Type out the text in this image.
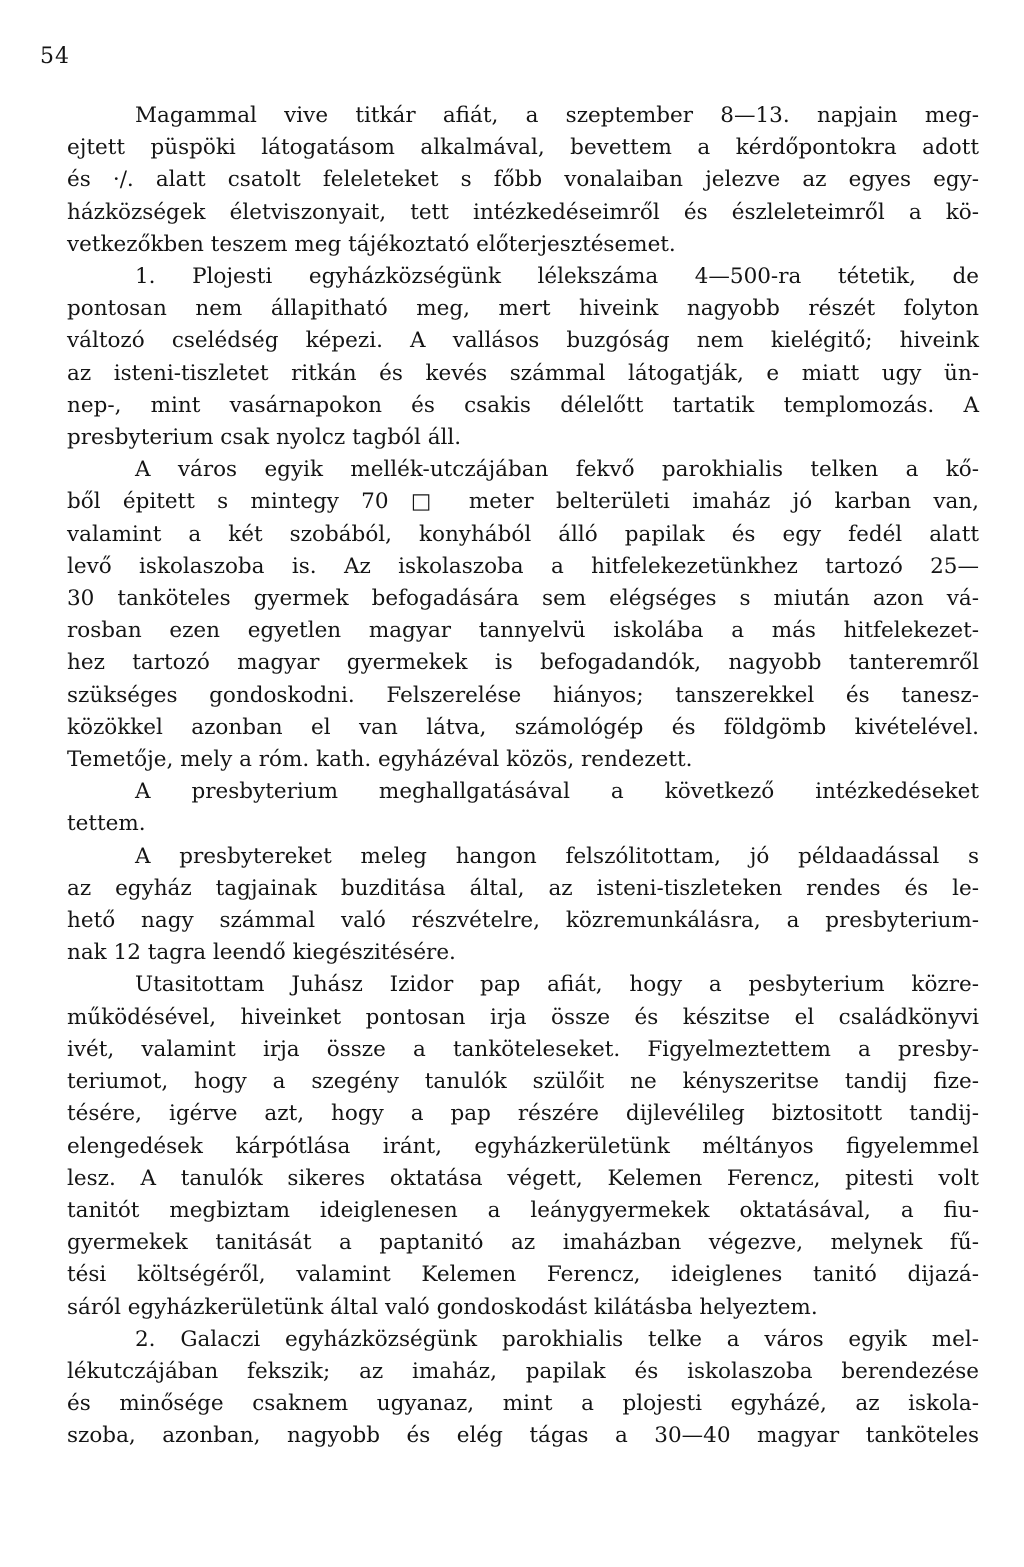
54
Magammal vive titkár afiát, a szeptember 8—13. napjain meg-
ejtett püspöki látogatásom alkalmával, bevettem a kérdőpontokra adott
és ·/. alatt csatolt feleleteket s főbb vonalaiban jelezve az egyes egy-
házközségek életviszonyait, tett intézkedéseimről és észleleteimről a kö-
vetkezőkben teszem meg tájékoztató előterjesztésemet.
1. Plojesti egyházközségünk lélekszáma 4—500-ra tétetik, de
pontosan nem állapitható meg, mert hiveink nagyobb részét folyton
változó cselédség képezi. A vallásos buzgóság nem kielégitő; hiveink
az isteni-tiszletet ritkán és kevés számmal látogatják, e miatt ugy ün-
nep-, mint vasárnapokon és csakis délelőtt tartatik templomozás. A
presbyterium csak nyolcz tagból áll.
A város egyik mellék-utczájában fekvő parokhialis telken a kő-
ből épitett s mintegy 70 □ meter belterületi imaház jó karban van,
valamint a két szobából, konyhából álló papilak és egy fedél alatt
levő iskolaszoba is. Az iskolaszoba a hitfelekezetünkhez tartozó 25—
30 tanköteles gyermek befogadására sem elégséges s miután azon vá-
rosban ezen egyetlen magyar tannyelvü iskolába a más hitfelekezet-
hez tartozó magyar gyermekek is befogadandók, nagyobb tanteremről
szükséges gondoskodni. Felszerelése hiányos; tanszerekkel és tanesz-
közökkel azonban el van látva, számológép és földgömb kivételével.
Temetője, mely a róm. kath. egyházéval közös, rendezett.
A presbyterium meghallgatásával a következő intézkedéseket
tettem.
A presbytereket meleg hangon felszólitottam, jó példaadással s
az egyház tagjainak buzditása által, az isteni-tiszleteken rendes és le-
hető nagy számmal való részvételre, közremunkálásra, a presbyterium-
nak 12 tagra leendő kiegészitésére.
Utasitottam Juhász Izidor pap afiát, hogy a pesbyterium közre-
működésével, hiveinket pontosan irja össze és készitse el családkönyvi
ivét, valamint irja össze a tanköteleseket. Figyelmeztettem a presby-
teriumot, hogy a szegény tanulók szülőit ne kényszeritse tandij fize-
tésére, igérve azt, hogy a pap részére dijlevélileg biztositott tandij-
elengedések kárpótlása iránt, egyházkerületünk méltányos figyelemmel
lesz. A tanulók sikeres oktatása végett, Kelemen Ferencz, pitesti volt
tanitót megbiztam ideiglenesen a leánygyermekek oktatásával, a fiu-
gyermekek tanitását a paptanitó az imaházban végezve, melynek fű-
tési költségéről, valamint Kelemen Ferencz, ideiglenes tanitó dijazá-
sáról egyházkerületünk által való gondoskodást kilátásba helyeztem.
2. Galaczi egyházközségünk parokhialis telke a város egyik mel-
lékutczájában fekszik; az imaház, papilak és iskolaszoba berendezése
és minősége csaknem ugyanaz, mint a plojesti egyházé, az iskola-
szoba, azonban, nagyobb és elég tágas a 30—40 magyar tanköteles
